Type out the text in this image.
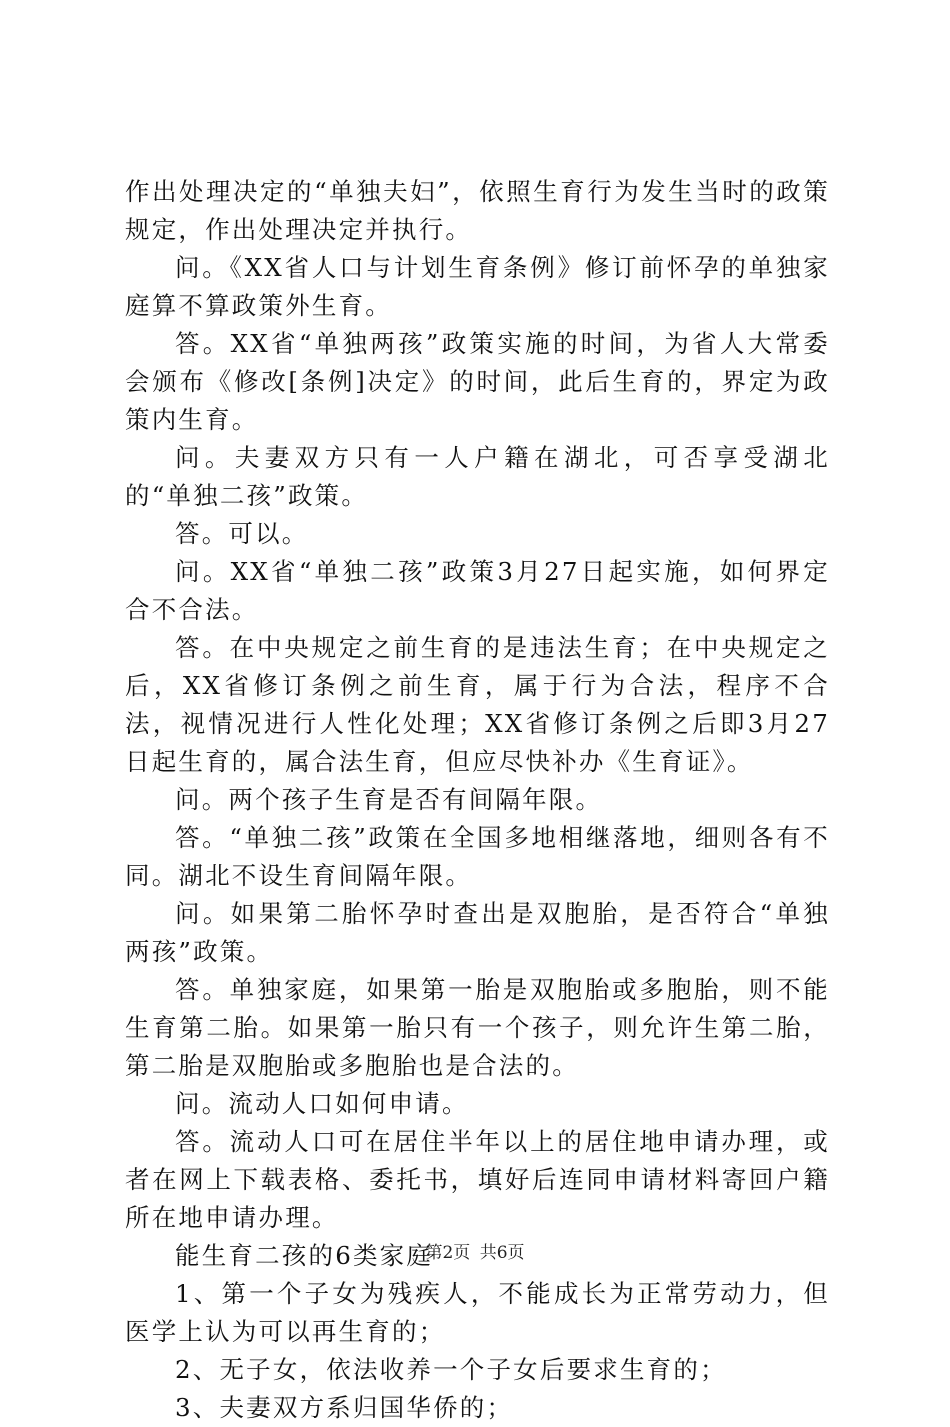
作出处理决定的“单独夫妇”，依照生育行为发生当时的政策规定，作出处理决定并执行。

问。《XX省人口与计划生育条例》修订前怀孕的单独家庭算不算政策外生育。

答。XX省“单独两孩”政策实施的时间，为省人大常委会颁布《修改[条例]决定》的时间，此后生育的，界定为政策内生育。

问。夫妻双方只有一人户籍在湖北，可否享受湖北的“单独二孩”政策。

答。可以。

问。XX省“单独二孩”政策3月27日起实施，如何界定合不合法。

答。在中央规定之前生育的是违法生育；在中央规定之后，XX省修订条例之前生育，属于行为合法，程序不合法，视情况进行人性化处理；XX省修订条例之后即3月27日起生育的，属合法生育，但应尽快补办《生育证》。

问。两个孩子生育是否有间隔年限。

答。“单独二孩”政策在全国多地相继落地，细则各有不同。湖北不设生育间隔年限。

问。如果第二胎怀孕时查出是双胞胎，是否符合“单独两孩”政策。

答。单独家庭，如果第一胎是双胞胎或多胞胎，则不能生育第二胎。如果第一胎只有一个孩子，则允许生第二胎，第二胎是双胞胎或多胞胎也是合法的。

问。流动人口如何申请。

答。流动人口可在居住半年以上的居住地申请办理，或者在网上下载表格、委托书，填好后连同申请材料寄回户籍所在地申请办理。

能生育二孩的6类家庭

1、第一个子女为残疾人，不能成长为正常劳动力，但医学上认为可以再生育的；

2、无子女，依法收养一个子女后要求生育的；

3、夫妻双方系归国华侨的；

第2页 共6页
